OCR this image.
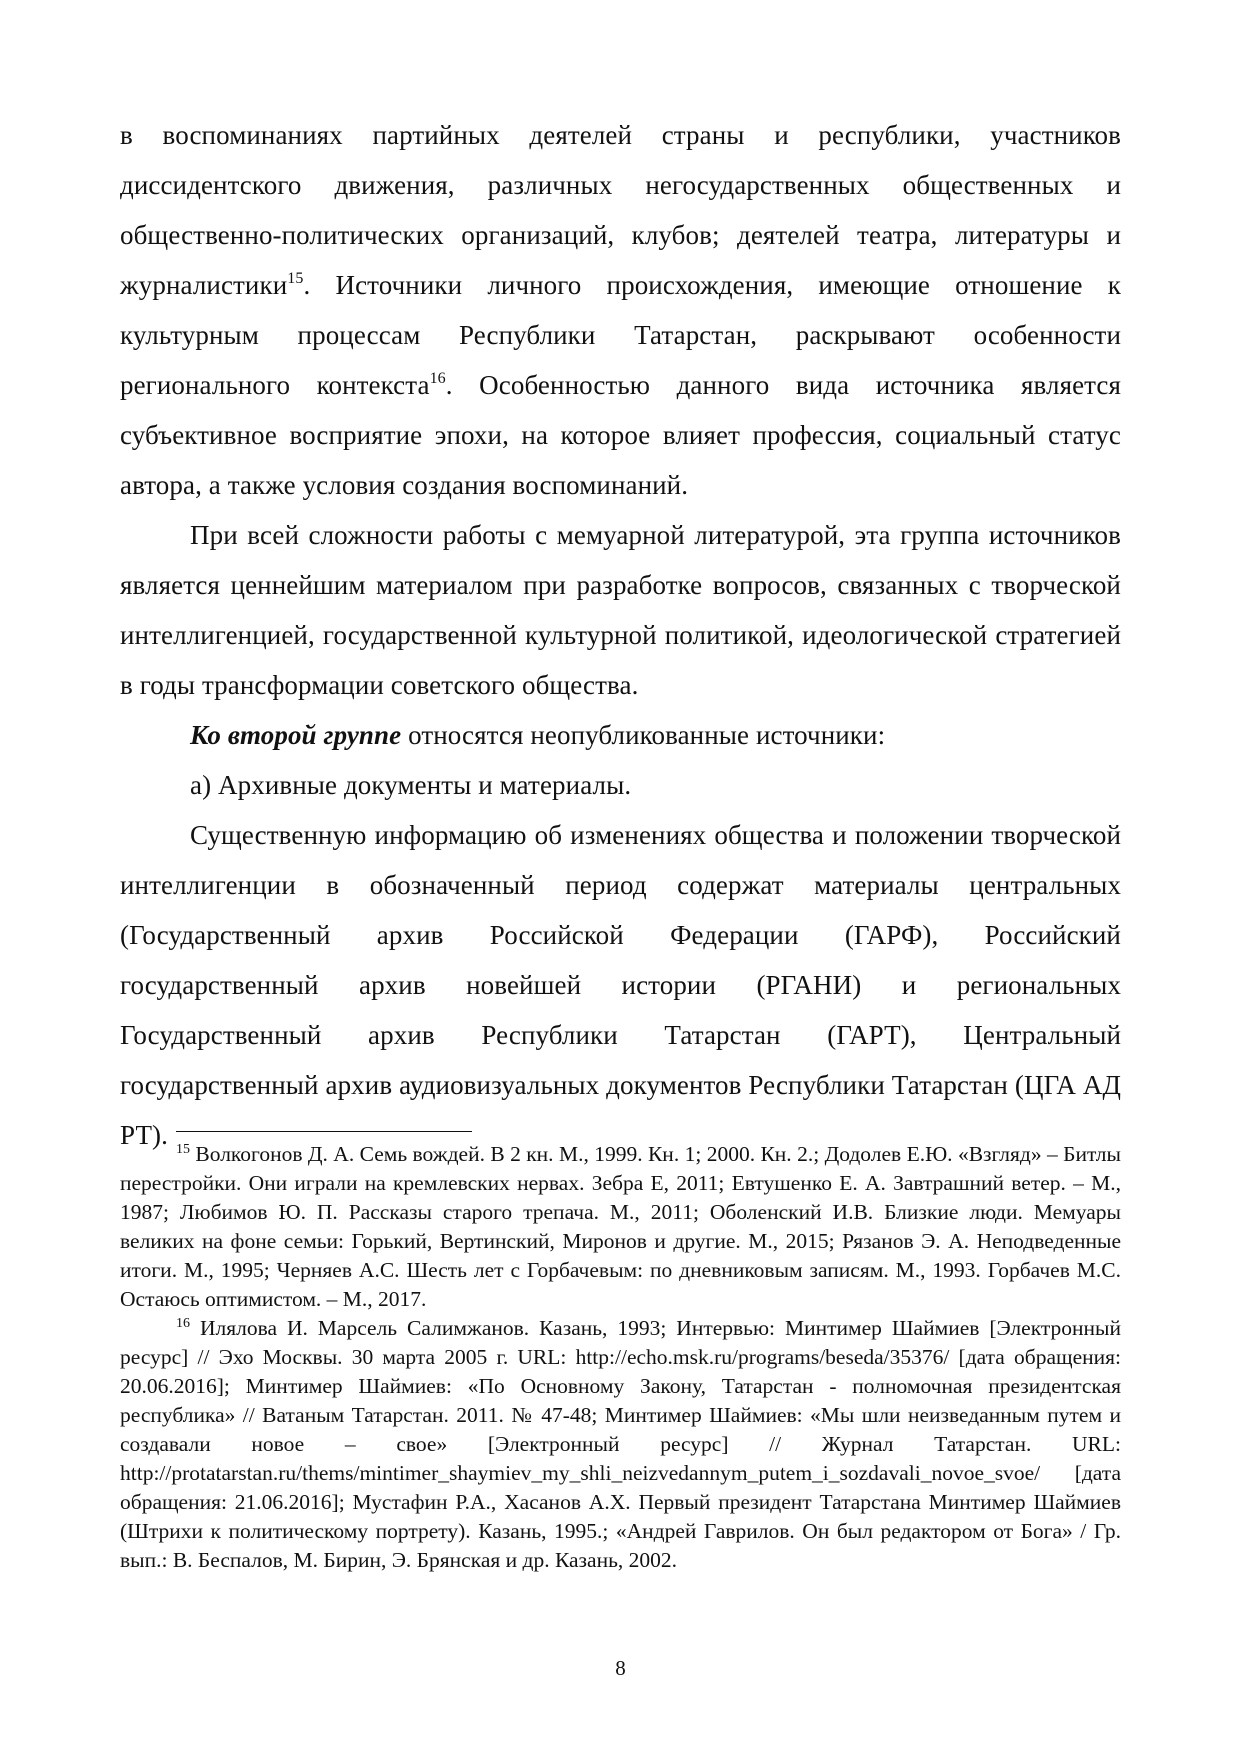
в воспоминаниях партийных деятелей страны и республики, участников диссидентского движения, различных негосударственных общественных и общественно-политических организаций, клубов; деятелей театра, литературы и журналистики$^{15}$. Источники личного происхождения, имеющие отношение к культурным процессам Республики Татарстан, раскрывают особенности регионального контекста$^{16}$. Особенностью данного вида источника является субъективное восприятие эпохи, на которое влияет профессия, социальный статус автора, а также условия создания воспоминаний.

При всей сложности работы с мемуарной литературой, эта группа источников является ценнейшим материалом при разработке вопросов, связанных с творческой интеллигенцией, государственной культурной политикой, идеологической стратегией в годы трансформации советского общества.

Ко второй группе относятся неопубликованные источники:

а) Архивные документы и материалы.

Существенную информацию об изменениях общества и положении творческой интеллигенции в обозначенный период содержат материалы центральных (Государственный архив Российской Федерации (ГАРФ), Российский государственный архив новейшей истории (РГАНИ) и региональных Государственный архив Республики Татарстан (ГАРТ), Центральный государственный архив аудиовизуальных документов Республики Татарстан (ЦГА АД РТ). $^{15}$ Волкогонов Д. А. Семь вождей. В 2 кн. М., 1999. Кн. 1; 2000. Кн. 2.; Додолев Е.Ю. «Взгляд» – Битлы перестройки. Они играли на кремлевских нервах. Зебра Е, 2011; Евтушенко Е. А. Завтрашний ветер. – М., 1987; Любимов Ю. П. Рассказы старого трепача. М., 2011; Оболенский И.В. Близкие люди. Мемуары великих на фоне семьи: Горький, Вертинский, Миронов и другие. М., 2015; Рязанов Э. А. Неподведенные итоги. М., 1995; Черняев А.С. Шесть лет с Горбачевым: по дневниковым записям. М., 1993. Горбачев М.С. Остаюсь оптимистом. – М., 2017.

$^{16}$ Илялова И. Марсель Салимжанов. Казань, 1993; Интервью: Минтимер Шаймиев [Электронный ресурс] // Эхо Москвы. 30 марта 2005 г. URL: http://echo.msk.ru/programs/beseda/35376/ [дата обращения: 20.06.2016]; Минтимер Шаймиев: «По Основному Закону, Татарстан - полномочная президентская республика» // Ватаным Татарстан. 2011. № 47-48; Минтимер Шаймиев: «Мы шли неизведанным путем и создавали новое – свое» [Электронный ресурс] // Журнал Татарстан. URL: http://protatarstan.ru/thems/mintimer_shaymiev_my_shli_neizvedannym_putem_i_sozdavali_novoe_svoe/ [дата обращения: 21.06.2016]; Мустафин Р.А., Хасанов А.Х. Первый президент Татарстана Минтимер Шаймиев (Штрихи к политическому портрету). Казань, 1995.; «Андрей Гаврилов. Он был редактором от Бога» / Гр. вып.: В. Беспалов, М. Бирин, Э. Брянская и др. Казань, 2002.

8
